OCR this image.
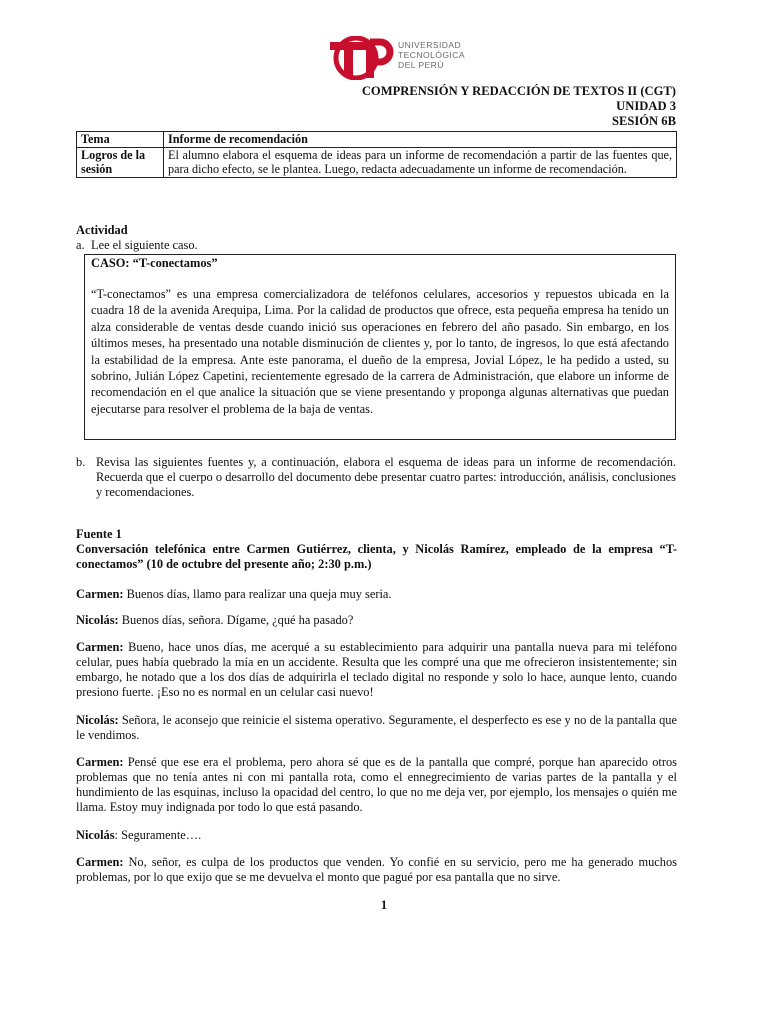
UNIVERSIDAD
TECNOLÓGICA
DEL PERÚ
COMPRENSIÓN Y REDACCIÓN DE TEXTOS II (CGT)
UNIDAD 3
SESIÓN 6B
Tema	Informe de recomendación
Logros de la sesión	El alumno elabora el esquema de ideas para un informe de recomendación a partir de las fuentes que, para dicho efecto, se le plantea. Luego, redacta adecuadamente un informe de recomendación.
Actividad
a. Lee el siguiente caso.
CASO: “T-conectamos”
“T-conectamos” es una empresa comercializadora de teléfonos celulares, accesorios y repuestos ubicada en la cuadra 18 de la avenida Arequipa, Lima. Por la calidad de productos que ofrece, esta pequeña empresa ha tenido un alza considerable de ventas desde cuando inició sus operaciones en febrero del año pasado. Sin embargo, en los últimos meses, ha presentado una notable disminución de clientes y, por lo tanto, de ingresos, lo que está afectando la estabilidad de la empresa. Ante este panorama, el dueño de la empresa, Jovial López, le ha pedido a usted, su sobrino, Julián López Capetini, recientemente egresado de la carrera de Administración, que elabore un informe de recomendación en el que analice la situación que se viene presentando y proponga algunas alternativas que puedan ejecutarse para resolver el problema de la baja de ventas.
b. Revisa las siguientes fuentes y, a continuación, elabora el esquema de ideas para un informe de recomendación. Recuerda que el cuerpo o desarrollo del documento debe presentar cuatro partes: introducción, análisis, conclusiones y recomendaciones.
Fuente 1
Conversación telefónica entre Carmen Gutiérrez, clienta, y Nicolás Ramírez, empleado de la empresa “T-conectamos” (10 de octubre del presente año; 2:30 p.m.)
Carmen: Buenos días, llamo para realizar una queja muy seria.
Nicolás: Buenos días, señora. Dígame, ¿qué ha pasado?
Carmen: Bueno, hace unos días, me acerqué a su establecimiento para adquirir una pantalla nueva para mi teléfono celular, pues había quebrado la mía en un accidente. Resulta que les compré una que me ofrecieron insistentemente; sin embargo, he notado que a los dos días de adquirirla el teclado digital no responde y solo lo hace, aunque lento, cuando presiono fuerte. ¡Eso no es normal en un celular casi nuevo!
Nicolás: Señora, le aconsejo que reinicie el sistema operativo. Seguramente, el desperfecto es ese y no de la pantalla que le vendimos.
Carmen: Pensé que ese era el problema, pero ahora sé que es de la pantalla que compré, porque han aparecido otros problemas que no tenía antes ni con mi pantalla rota, como el ennegrecimiento de varias partes de la pantalla y el hundimiento de las esquinas, incluso la opacidad del centro, lo que no me deja ver, por ejemplo, los mensajes o quién me llama. Estoy muy indignada por todo lo que está pasando.
Nicolás: Seguramente….
Carmen: No, señor, es culpa de los productos que venden. Yo confié en su servicio, pero me ha generado muchos problemas, por lo que exijo que se me devuelva el monto que pagué por esa pantalla que no sirve.
1
